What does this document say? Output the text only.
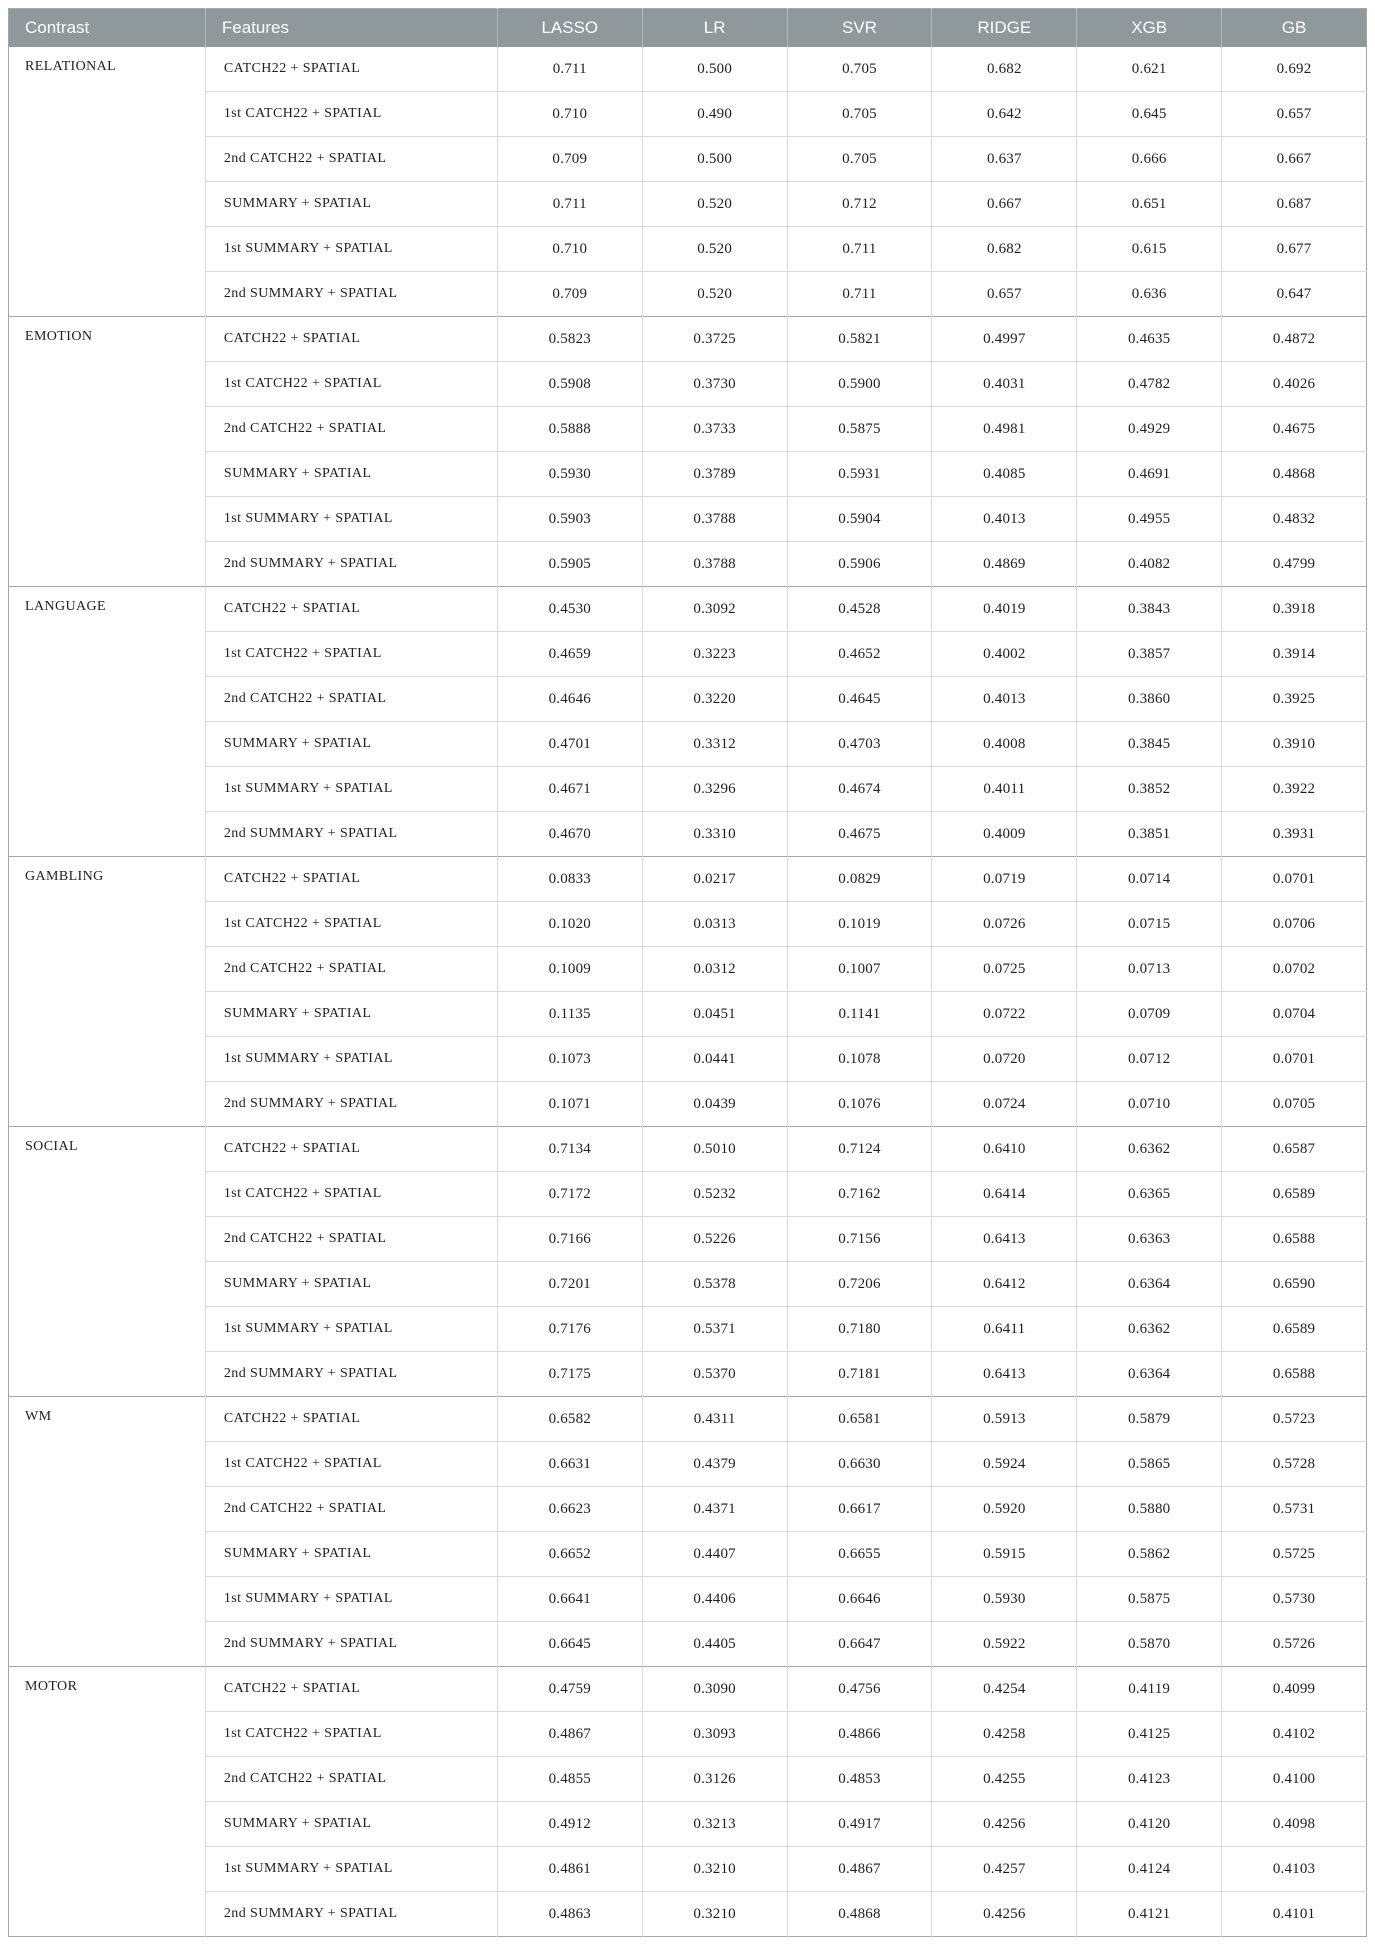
Contrast	Features	LASSO	LR	SVR	RIDGE	XGB	GB
RELATIONAL	CATCH22 + SPATIAL	0.711	0.500	0.705	0.682	0.621	0.692
	1st CATCH22 + SPATIAL	0.710	0.490	0.705	0.642	0.645	0.657
	2nd CATCH22 + SPATIAL	0.709	0.500	0.705	0.637	0.666	0.667
	SUMMARY + SPATIAL	0.711	0.520	0.712	0.667	0.651	0.687
	1st SUMMARY + SPATIAL	0.710	0.520	0.711	0.682	0.615	0.677
	2nd SUMMARY + SPATIAL	0.709	0.520	0.711	0.657	0.636	0.647
EMOTION	CATCH22 + SPATIAL	0.5823	0.3725	0.5821	0.4997	0.4635	0.4872
	1st CATCH22 + SPATIAL	0.5908	0.3730	0.5900	0.4031	0.4782	0.4026
	2nd CATCH22 + SPATIAL	0.5888	0.3733	0.5875	0.4981	0.4929	0.4675
	SUMMARY + SPATIAL	0.5930	0.3789	0.5931	0.4085	0.4691	0.4868
	1st SUMMARY + SPATIAL	0.5903	0.3788	0.5904	0.4013	0.4955	0.4832
	2nd SUMMARY + SPATIAL	0.5905	0.3788	0.5906	0.4869	0.4082	0.4799
LANGUAGE	CATCH22 + SPATIAL	0.4530	0.3092	0.4528	0.4019	0.3843	0.3918
	1st CATCH22 + SPATIAL	0.4659	0.3223	0.4652	0.4002	0.3857	0.3914
	2nd CATCH22 + SPATIAL	0.4646	0.3220	0.4645	0.4013	0.3860	0.3925
	SUMMARY + SPATIAL	0.4701	0.3312	0.4703	0.4008	0.3845	0.3910
	1st SUMMARY + SPATIAL	0.4671	0.3296	0.4674	0.4011	0.3852	0.3922
	2nd SUMMARY + SPATIAL	0.4670	0.3310	0.4675	0.4009	0.3851	0.3931
GAMBLING	CATCH22 + SPATIAL	0.0833	0.0217	0.0829	0.0719	0.0714	0.0701
	1st CATCH22 + SPATIAL	0.1020	0.0313	0.1019	0.0726	0.0715	0.0706
	2nd CATCH22 + SPATIAL	0.1009	0.0312	0.1007	0.0725	0.0713	0.0702
	SUMMARY + SPATIAL	0.1135	0.0451	0.1141	0.0722	0.0709	0.0704
	1st SUMMARY + SPATIAL	0.1073	0.0441	0.1078	0.0720	0.0712	0.0701
	2nd SUMMARY + SPATIAL	0.1071	0.0439	0.1076	0.0724	0.0710	0.0705
SOCIAL	CATCH22 + SPATIAL	0.7134	0.5010	0.7124	0.6410	0.6362	0.6587
	1st CATCH22 + SPATIAL	0.7172	0.5232	0.7162	0.6414	0.6365	0.6589
	2nd CATCH22 + SPATIAL	0.7166	0.5226	0.7156	0.6413	0.6363	0.6588
	SUMMARY + SPATIAL	0.7201	0.5378	0.7206	0.6412	0.6364	0.6590
	1st SUMMARY + SPATIAL	0.7176	0.5371	0.7180	0.6411	0.6362	0.6589
	2nd SUMMARY + SPATIAL	0.7175	0.5370	0.7181	0.6413	0.6364	0.6588
WM	CATCH22 + SPATIAL	0.6582	0.4311	0.6581	0.5913	0.5879	0.5723
	1st CATCH22 + SPATIAL	0.6631	0.4379	0.6630	0.5924	0.5865	0.5728
	2nd CATCH22 + SPATIAL	0.6623	0.4371	0.6617	0.5920	0.5880	0.5731
	SUMMARY + SPATIAL	0.6652	0.4407	0.6655	0.5915	0.5862	0.5725
	1st SUMMARY + SPATIAL	0.6641	0.4406	0.6646	0.5930	0.5875	0.5730
	2nd SUMMARY + SPATIAL	0.6645	0.4405	0.6647	0.5922	0.5870	0.5726
MOTOR	CATCH22 + SPATIAL	0.4759	0.3090	0.4756	0.4254	0.4119	0.4099
	1st CATCH22 + SPATIAL	0.4867	0.3093	0.4866	0.4258	0.4125	0.4102
	2nd CATCH22 + SPATIAL	0.4855	0.3126	0.4853	0.4255	0.4123	0.4100
	SUMMARY + SPATIAL	0.4912	0.3213	0.4917	0.4256	0.4120	0.4098
	1st SUMMARY + SPATIAL	0.4861	0.3210	0.4867	0.4257	0.4124	0.4103
	2nd SUMMARY + SPATIAL	0.4863	0.3210	0.4868	0.4256	0.4121	0.4101
